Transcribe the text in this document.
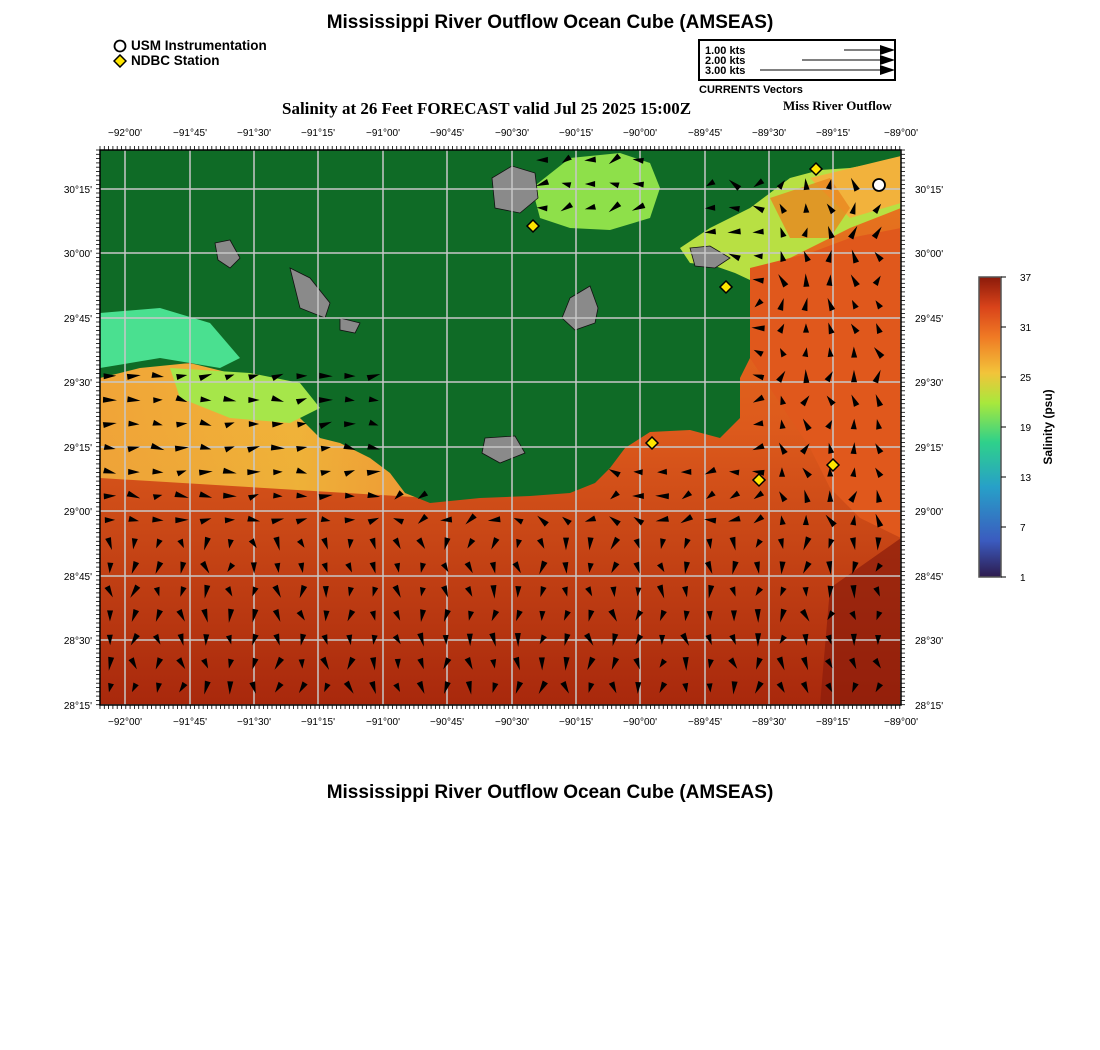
Mississippi River Outflow Ocean Cube (AMSEAS)
USM Instrumentation
NDBC Station
1.00 kts
2.00 kts
3.00 kts
CURRENTS Vectors
Salinity at 26 Feet FORECAST valid Jul 25 2025 15:00Z	Miss River Outflow
−92°00'
−92°00'
−91°45'
−91°45'
−91°30'
−91°30'
−91°15'
−91°15'
−91°00'
−91°00'
−90°45'
−90°45'
−90°30'
−90°30'
−90°15'
−90°15'
−90°00'
−90°00'
−89°45'
−89°45'
−89°30'
−89°30'
−89°15'
−89°15'
−89°00'
−89°00'
30°15'	30°15'
30°00'	30°00'
29°45'	29°45'
29°30'	29°30'
29°15'	29°15'
29°00'	29°00'
28°45'	28°45'
28°30'	28°30'
28°15'	28°15'
37
31
25
19
13
7
1
Salinity (psu)
Mississippi River Outflow Ocean Cube (AMSEAS)
